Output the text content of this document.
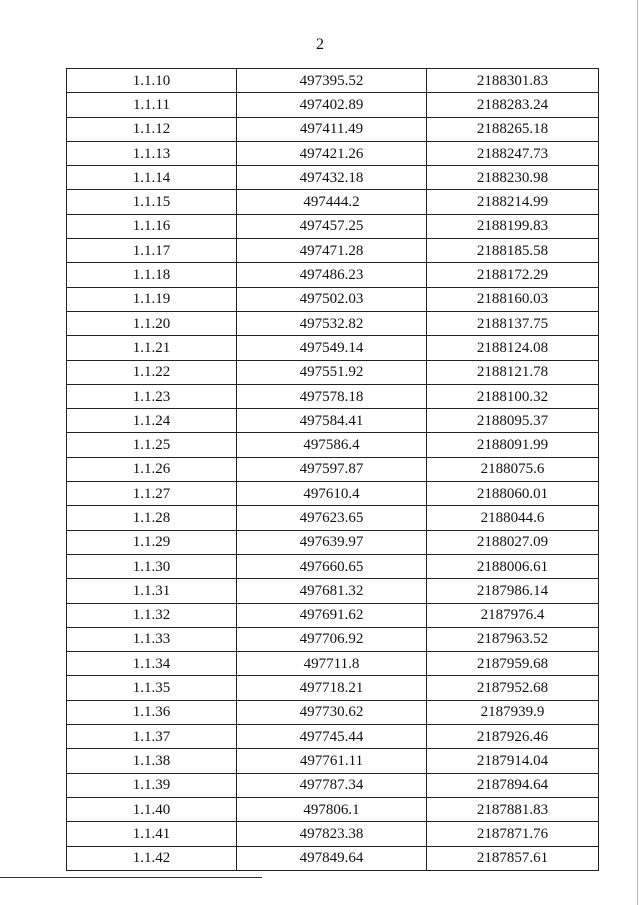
2
1.1.10	497395.52	2188301.83
1.1.11	497402.89	2188283.24
1.1.12	497411.49	2188265.18
1.1.13	497421.26	2188247.73
1.1.14	497432.18	2188230.98
1.1.15	497444.2	2188214.99
1.1.16	497457.25	2188199.83
1.1.17	497471.28	2188185.58
1.1.18	497486.23	2188172.29
1.1.19	497502.03	2188160.03
1.1.20	497532.82	2188137.75
1.1.21	497549.14	2188124.08
1.1.22	497551.92	2188121.78
1.1.23	497578.18	2188100.32
1.1.24	497584.41	2188095.37
1.1.25	497586.4	2188091.99
1.1.26	497597.87	2188075.6
1.1.27	497610.4	2188060.01
1.1.28	497623.65	2188044.6
1.1.29	497639.97	2188027.09
1.1.30	497660.65	2188006.61
1.1.31	497681.32	2187986.14
1.1.32	497691.62	2187976.4
1.1.33	497706.92	2187963.52
1.1.34	497711.8	2187959.68
1.1.35	497718.21	2187952.68
1.1.36	497730.62	2187939.9
1.1.37	497745.44	2187926.46
1.1.38	497761.11	2187914.04
1.1.39	497787.34	2187894.64
1.1.40	497806.1	2187881.83
1.1.41	497823.38	2187871.76
1.1.42	497849.64	2187857.61
